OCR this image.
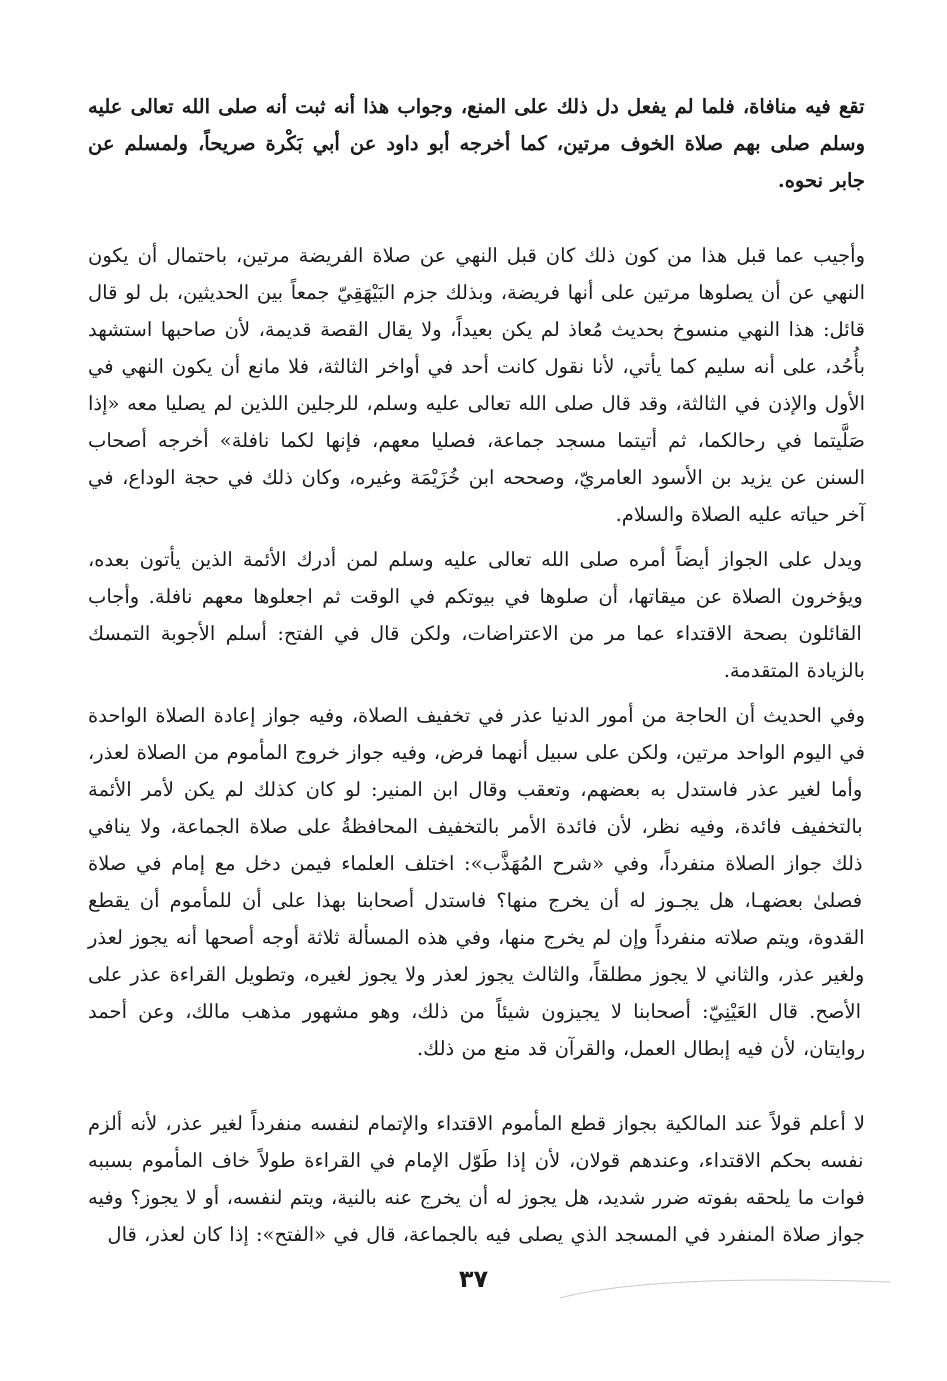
تقع فيه منافاة، فلما لم يفعل دل ذلك على المنع، وجواب هذا أنه ثبت أنه صلى الله تعالى عليه وسلم صلى بهم صلاة الخوف مرتين، كما أخرجه أبو داود عن أبي بَكْرة صريحاً، ولمسلم عن جابر نحوه.

وأجيب عما قبل هذا من كون ذلك كان قبل النهي عن صلاة الفريضة مرتين، باحتمال أن يكون النهي عن أن يصلوها مرتين على أنها فريضة، وبذلك جزم البَيْهَقِيّ جمعاً بين الحديثين، بل لو قال قائل: هذا النهي منسوخ بحديث مُعاذ لم يكن بعيداً، ولا يقال القصة قديمة، لأن صاحبها استشهد بأُحُد، على أنه سليم كما يأتي، لأنا نقول كانت أحد في أواخر الثالثة، فلا مانع أن يكون النهي في الأول والإذن في الثالثة، وقد قال صلى الله تعالى عليه وسلم، للرجلين اللذين لم يصليا معه «إذا صَلَّيتما في رحالكما، ثم أتيتما مسجد جماعة، فصليا معهم، فإنها لكما نافلة» أخرجه أصحاب السنن عن يزيد بن الأسود العامريّ، وصححه ابن خُزَيْمَة وغيره، وكان ذلك في حجة الوداع، في آخر حياته عليه الصلاة والسلام.

ويدل على الجواز أيضاً أمره صلى الله تعالى عليه وسلم لمن أدرك الأئمة الذين يأتون بعده، ويؤخرون الصلاة عن ميقاتها، أن صلوها في بيوتكم في الوقت ثم اجعلوها معهم نافلة. وأجاب القائلون بصحة الاقتداء عما مر من الاعتراضات، ولكن قال في الفتح: أسلم الأجوبة التمسك بالزيادة المتقدمة.

وفي الحديث أن الحاجة من أمور الدنيا عذر في تخفيف الصلاة، وفيه جواز إعادة الصلاة الواحدة في اليوم الواحد مرتين، ولكن على سبيل أنهما فرض، وفيه جواز خروج المأموم من الصلاة لعذر، وأما لغير عذر فاستدل به بعضهم، وتعقب وقال ابن المنير: لو كان كذلك لم يكن لأمر الأئمة بالتخفيف فائدة، وفيه نظر، لأن فائدة الأمر بالتخفيف المحافظةُ على صلاة الجماعة، ولا ينافي ذلك جواز الصلاة منفرداً، وفي «شرح المُهَذَّب»: اختلف العلماء فيمن دخل مع إمام في صلاة فصلىٰ بعضهـا، هل يجـوز له أن يخرج منها؟ فاستدل أصحابنا بهذا على أن للمأموم أن يقطع القدوة، ويتم صلاته منفرداً وإن لم يخرج منها، وفي هذه المسألة ثلاثة أوجه أصحها أنه يجوز لعذر ولغير عذر، والثاني لا يجوز مطلقاً، والثالث يجوز لعذر ولا يجوز لغيره، وتطويل القراءة عذر على الأصح. قال العَيْنِيّ: أصحابنا لا يجيزون شيئاً من ذلك، وهو مشهور مذهب مالك، وعن أحمد روايتان، لأن فيه إبطال العمل، والقرآن قد منع من ذلك.

لا أعلم قولاً عند المالكية بجواز قطع المأموم الاقتداء والإتمام لنفسه منفرداً لغير عذر، لأنه ألزم نفسه بحكم الاقتداء، وعندهم قولان، لأن إذا طَوّل الإمام في القراءة طولاً خاف المأموم بسببه فوات ما يلحقه بفوته ضرر شديد، هل يجوز له أن يخرج عنه بالنية، ويتم لنفسه، أو لا يجوز؟ وفيه جواز صلاة المنفرد في المسجد الذي يصلى فيه بالجماعة، قال في «الفتح»: إذا كان لعذر، قال

٣٧
